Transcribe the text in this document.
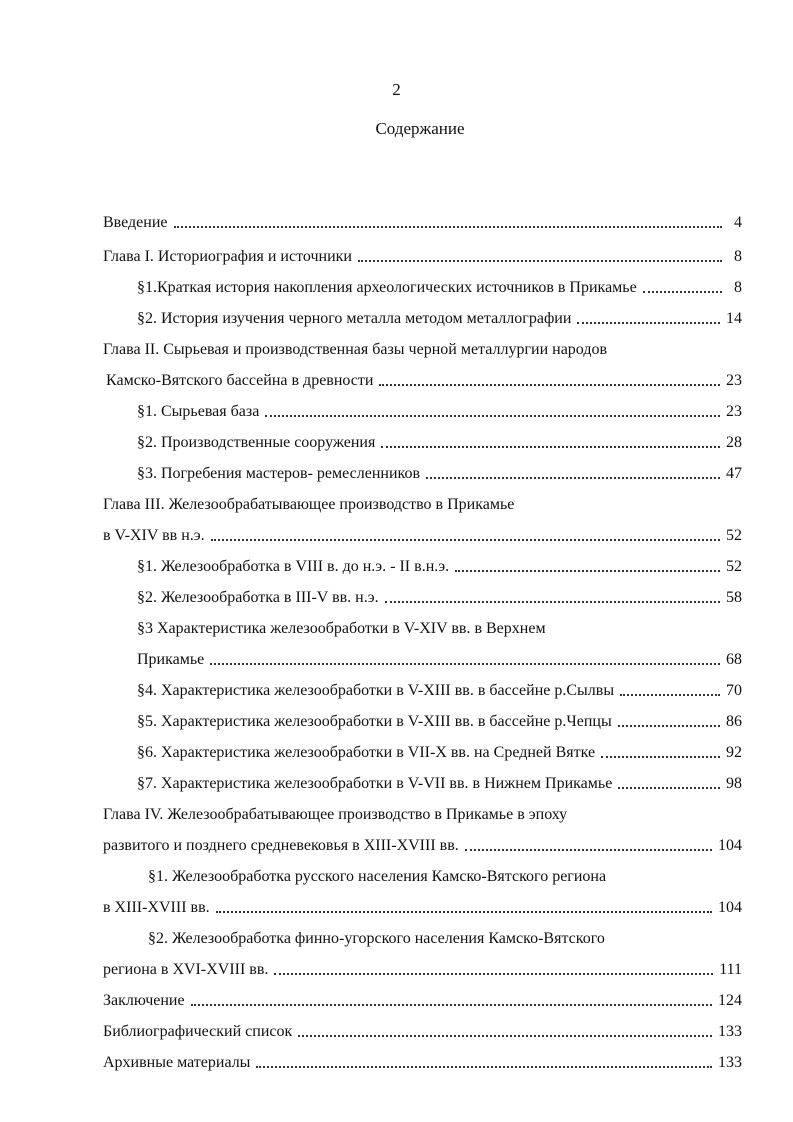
2
Содержание
Введение	4
Глава I. Историография и источники	8
§1.Краткая история накопления археологических источников в Прикамье	8
§2. История изучения черного металла методом металлографии	14
Глава II. Сырьевая и производственная базы черной металлургии народов
Камско-Вятского бассейна в древности	23
§1. Сырьевая база	23
§2. Производственные сооружения	28
§3. Погребения мастеров- ремесленников	47
Глава III. Железообрабатывающее производство в Прикамье
в V-XIV вв н.э.	52
§1. Железообработка в VIII в. до н.э. - II в.н.э.	52
§2. Железообработка в III-V вв. н.э.	58
§3 Характеристика железообработки в V-XIV вв. в Верхнем
Прикамье	68
§4. Характеристика железообработки в V-XIII вв. в бассейне р.Сылвы	70
§5. Характеристика железообработки в V-XIII вв. в бассейне р.Чепцы	86
§6. Характеристика железообработки в VII-X вв. на Средней Вятке	92
§7. Характеристика железообработки в V-VII вв. в Нижнем Прикамье	98
Глава IV. Железообрабатывающее производство в Прикамье в эпоху
развитого и позднего средневековья в XIII-XVIII вв.	104
§1. Железообработка русского населения Камско-Вятского региона
в XIII-XVIII вв.	104
§2. Железообработка финно-угорского населения Камско-Вятского
региона в XVI-XVIII вв.	111
Заключение	124
Библиографический список	133
Архивные материалы	133
